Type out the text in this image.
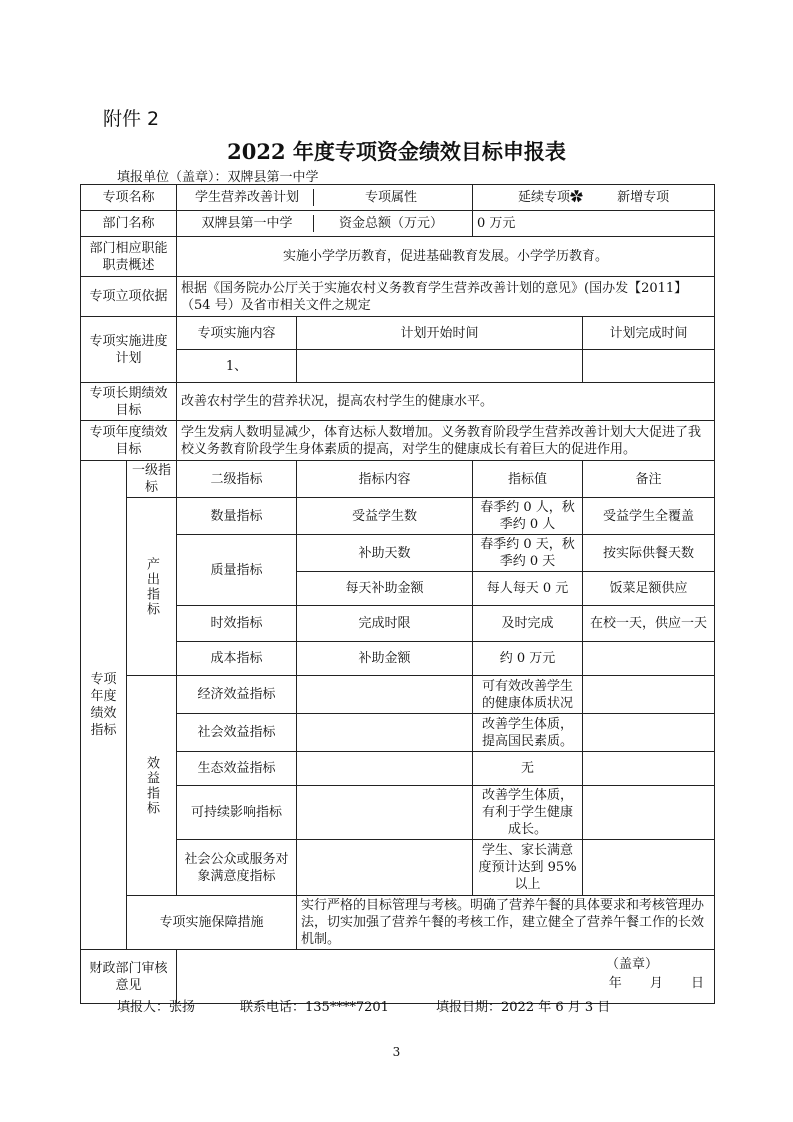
附件 2
2022 年度专项资金绩效目标申报表
填报单位（盖章）：双牌县第一中学
专项名称		学生营养改善计划 专项属性		延续专项✿ 新增专项	
部门名称		双牌县第一中学 资金总额（万元）		0 万元	
部门相应职能职责概述		实施小学学历教育，促进基础教育发展。小学学历教育。			
专项立项依据		根据《国务院办公厅关于实施农村义务教育学生营养改善计划的意见》(国办发【2011】（54 号）及省市相关文件之规定			
专项实施进度计划		专项实施内容	计划开始时间		计划完成时间
		1、			
专项长期绩效目标		改善农村学生的营养状况，提高农村学生的健康水平。			
专项年度绩效目标		学生发病人数明显减少，体育达标人数增加。义务教育阶段学生营养改善计划大大促进了我校义务教育阶段学生身体素质的提高，对学生的健康成长有着巨大的促进作用。			

专项年度绩效指标	一级指标	二级指标	指标内容	指标值	备注

	产出指标	数量指标	受益学生数	春季约 0 人，秋季约 0 人	受益学生全覆盖
		质量指标	补助天数	春季约 0 天，秋季约 0 天	按实际供餐天数
			每天补助金额	每人每天 0 元	饭菜足额供应
		时效指标	完成时限	及时完成	在校一天，供应一天
		成本指标	补助金额	约 0 万元	

	效益指标	经济效益指标		可有效改善学生的健康体质状况	
		社会效益指标		改善学生体质，提高国民素质。	
		生态效益指标		无	
		可持续影响指标		改善学生体质，有利于学生健康成长。	
		社会公众或服务对象满意度指标		学生、家长满意度预计达到 95%以上	
	专项实施保障措施		实行严格的目标管理与考核。明确了营养午餐的具体要求和考核管理办法，切实加强了营养午餐的考核工作，建立健全了营养午餐工作的长效机制。		
财政部门审核意见		（盖章）
年 月 日			
填报人：张扬	联系电话：135****7201	填报日期：2022 年 6 月 3 日
3
